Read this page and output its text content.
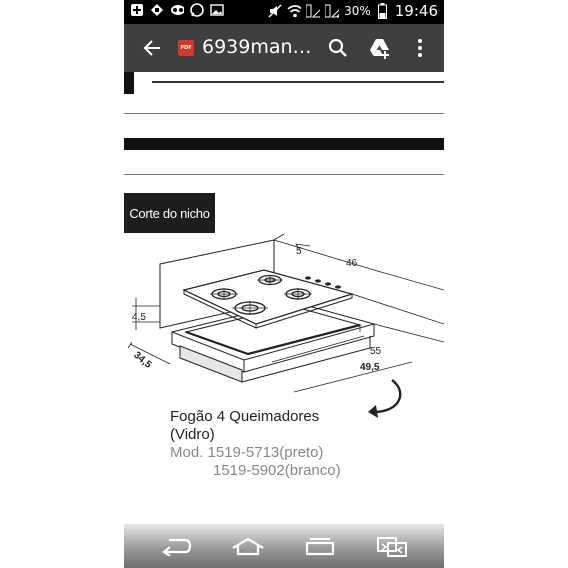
30% 19:46
PDF 6939man…
Corte do nicho
5
46
4,5
55
49,5
34,5
Fogão 4 Queimadores
(Vidro)
Mod. 1519-5713(preto)
1519-5902(branco)
